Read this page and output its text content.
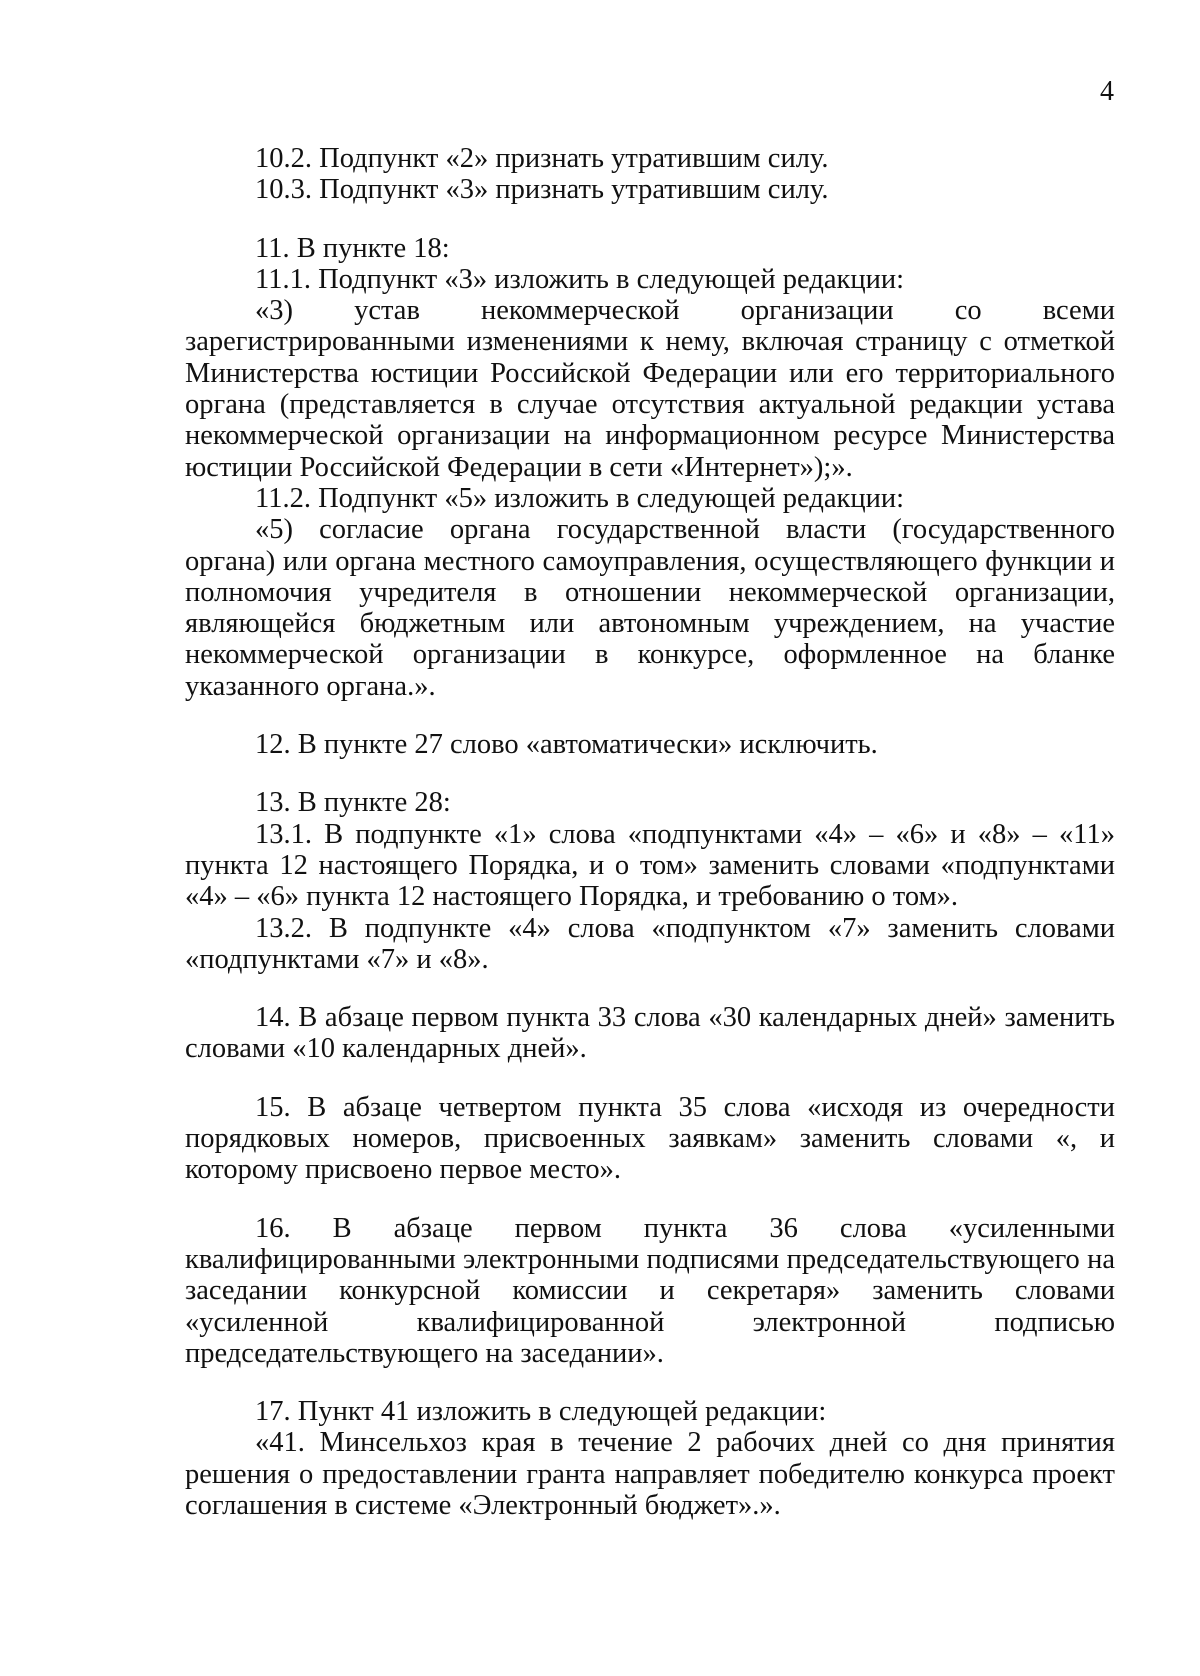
4

10.2. Подпункт «2» признать утратившим силу.

10.3. Подпункт «3» признать утратившим силу.

11. В пункте 18:

11.1. Подпункт «3» изложить в следующей редакции:

«3) устав некоммерческой организации со всеми зарегистрированными изменениями к нему, включая страницу с отметкой Министерства юстиции Российской Федерации или его территориального органа (представляется в случае отсутствия актуальной редакции устава некоммерческой организации на информационном ресурсе Министерства юстиции Российской Федерации в сети «Интернет»);».

11.2. Подпункт «5» изложить в следующей редакции:

«5) согласие органа государственной власти (государственного органа) или органа местного самоуправления, осуществляющего функции и полномочия учредителя в отношении некоммерческой организации, являющейся бюджетным или автономным учреждением, на участие некоммерческой организации в конкурсе, оформленное на бланке указанного органа.».

12. В пункте 27 слово «автоматически» исключить.

13. В пункте 28:

13.1. В подпункте «1» слова «подпунктами «4» – «6» и «8» – «11» пункта 12 настоящего Порядка, и о том» заменить словами «подпунктами «4» – «6» пункта 12 настоящего Порядка, и требованию о том».

13.2. В подпункте «4» слова «подпунктом «7» заменить словами «подпунктами «7» и «8».

14. В абзаце первом пункта 33 слова «30 календарных дней» заменить словами «10 календарных дней».

15. В абзаце четвертом пункта 35 слова «исходя из очередности порядковых номеров, присвоенных заявкам» заменить словами «, и которому присвоено первое место».

16. В абзаце первом пункта 36 слова «усиленными квалифицированными электронными подписями председательствующего на заседании конкурсной комиссии и секретаря» заменить словами «усиленной квалифицированной электронной подписью председательствующего на заседании».

17. Пункт 41 изложить в следующей редакции:

«41. Минсельхоз края в течение 2 рабочих дней со дня принятия решения о предоставлении гранта направляет победителю конкурса проект соглашения в системе «Электронный бюджет».».
